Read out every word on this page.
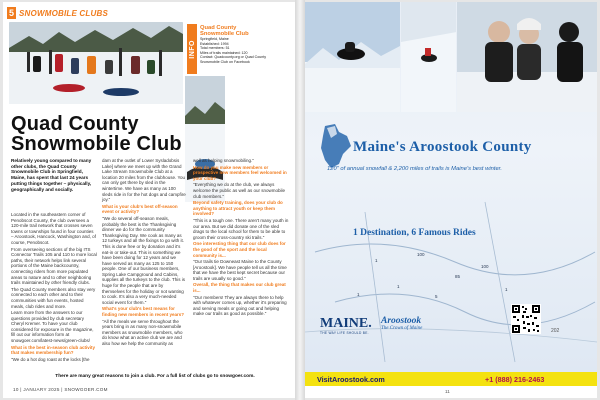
5 SNOWMOBILE CLUBS
INFO
Quad County
Snowmobile Club
Springfield, Maine
Established: 1994
Total members: 51
Miles of trails maintained: 120
Contact: Quadcounty.org or Quad County
Snowmobile Club on Facebook
Quad County Snowmobile Club
Relatively young compared to many other clubs, the Quad County Snowmobile Club in Springfield, Maine, has spent that last 24 years putting things together – physically, geographically and socially.

Located in the southeastern corner of Penobscot County, the club oversees a 120-mile trail network that crosses seven towns or townships found in four counties – Aroostook, Hancock, Washington and, of course, Penobscot.

From overseeing sections of the big ITS Connector Trails 105 and 110 to more local paths, their network helps link several portions of the Maine backcountry, connecting riders from more populated areas to nature and to other neighboring trails maintained by other friendly clubs.

The Quad County members also stay very connected to each other and to their communities with fun events, hosted meals, club rides and more.

Learn more from the answers to our questions provided by club secretary Cheryl Kremer. To have your club considered for exposure in the magazine, fill out our information form at snowgoer.com/latest-news/green-clubs/

What is the best in-season club activity that makes membership fun?

"We do a hot dog roast at the locks [the

dam at the outlet of Lower Sysladobsis Lake] where we meet up with the Grand Lake Stream Snowmobile Club at a location 20 miles from the clubhouse. You can only get there by sled in the wintertime. We have as many as 100 sleds ride in for the hot dogs and campfire joy."

What is your club's best off-season event or activity?

"We do several off-season meals, probably the best is the Thanksgiving dinner we do for the community Thanksgiving Day. We cook as many as 12 turkeys and all the fixings to go with it. This is done free or by donation and it's eat-in or take-out. This is something we have been doing for 12 years and we have served as many as 125 to 150 people. One of our business members, Spring Lake Campground and Cabins, supplies all the turkeys to the club. This is huge for the people that are by themselves for the holiday or not wanting to cook. It's also a very much-needed social event for them."

What's your club's best means for finding new members in recent years?

"All the meals we serve throughout the years bring in as many non-snowmobile members as snowmobile members, who do know what an active club we are and also how we help the community as

well as helping snowmobiling."

How do you make new members or prospective new members feel welcomed in your club?

"Everything we do at the club, we always welcome the public as well as our snowmobile club members."

Beyond safety training, does your club do anything to attract youth or keep them involved?

"This is a tough one. There aren't many youth in our area. But we did donate one of the sled drags to the local school for them to be able to groom their cross-country ski trails."

One interesting thing that our club does for the good of the sport and the local community is...

"Our trails tie Downeast Maine to the County [Aroostook]. We have people tell us all the time that we have the best kept secret because our trails are usually so good."

Overall, the thing that makes our club great is...

"Our members! They are always there to help with whatever comes up, whether it's preparing and serving meals or going out and helping make our trails as good as possible."

There are many great reasons to join a club. For a full list of clubs go to snowgoer.com.
10 | JANUARY 2025 | SNOWGOER.COM
Maine's Aroostook County
120" of annual snowfall & 2,200 miles of trails is Maine's best winter.
1 Destination, 6 Famous Rides
1
100
1
85
1
100
5
1
MAINE.
THE WAY LIFE SHOULD BE.
Aroostook
The Crown of Maine	202
VisitAroostook.com	+1 (888) 216-2463
11
